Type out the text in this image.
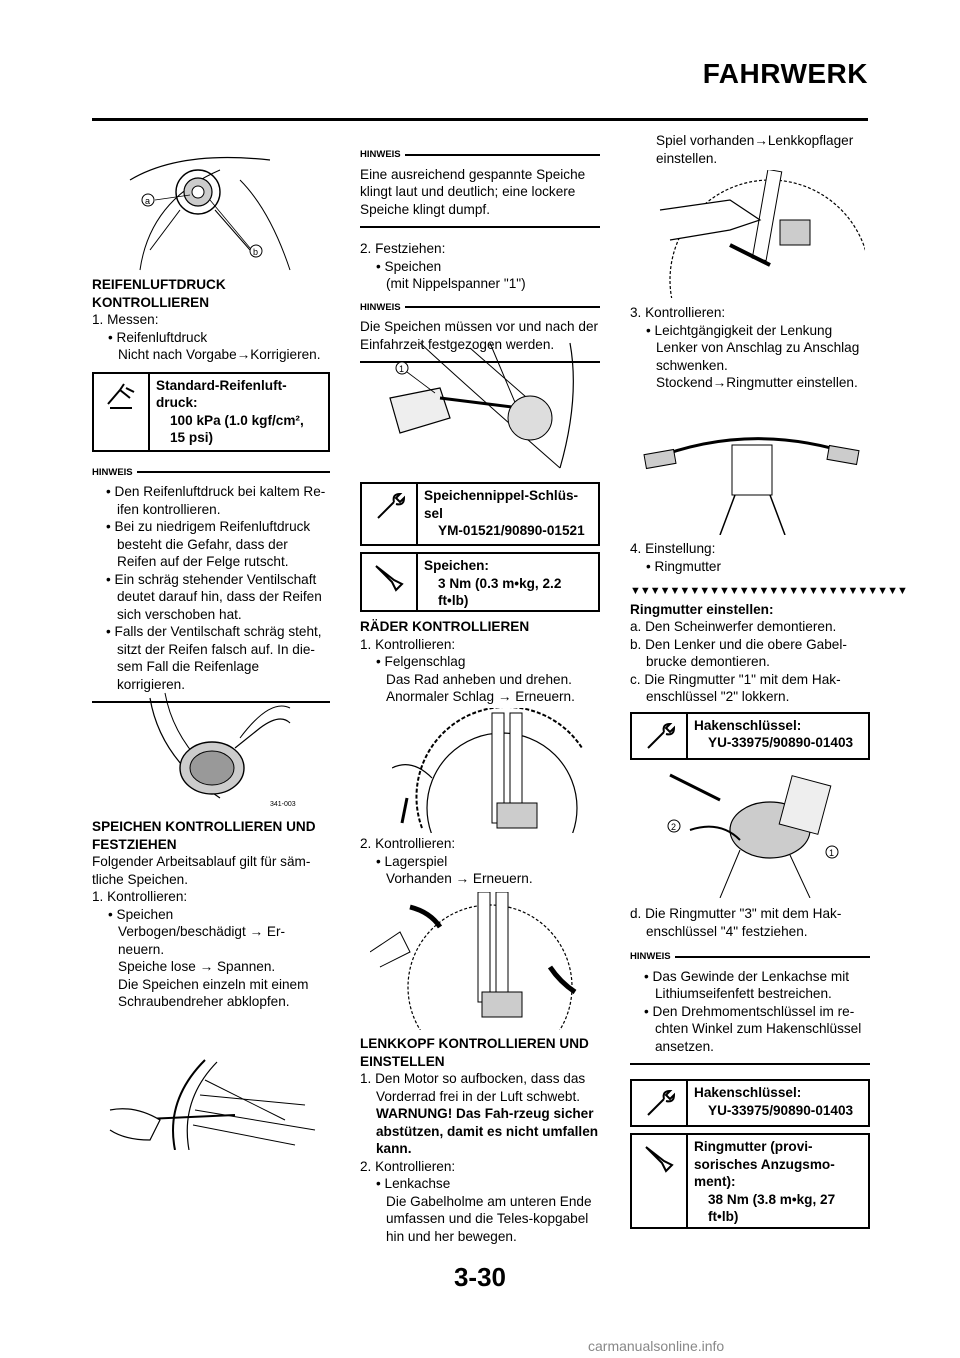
FAHRWERK
a
b
REIFENLUFTDRUCK KONTROLLIEREN
1. Messen:
• Reifenluftdruck
Nicht nach Vorgabe→Korrigieren.
Standard-Reifenluft-druck:
100 kPa (1.0 kgf/cm², 15 psi)
HINWEIS
• Den Reifenluftdruck bei kaltem Re-ifen kontrollieren.
• Bei zu niedrigem Reifenluftdruck besteht die Gefahr, dass der Reifen auf der Felge rutscht.
• Ein schräg stehender Ventilschaft deutet darauf hin, dass der Reifen sich verschoben hat.
• Falls der Ventilschaft schräg steht, sitzt der Reifen falsch auf. In die-sem Fall die Reifenlage korrigieren.
341-003
SPEICHEN KONTROLLIEREN UND FESTZIEHEN
Folgender Arbeitsablauf gilt für säm-tliche Speichen.
1. Kontrollieren:
• Speichen
Verbogen/beschädigt → Er-neuern.
Speiche lose → Spannen.
Die Speichen einzeln mit einem Schraubendreher abklopfen.
HINWEIS
Eine ausreichend gespannte Speiche klingt laut und deutlich; eine lockere Speiche klingt dumpf.
2. Festziehen:
• Speichen
(mit Nippelspanner "1")
HINWEIS
Die Speichen müssen vor und nach der Einfahrzeit festgezogen werden.
1
Speichennippel-Schlüs-sel
YM-01521/90890-01521
Speichen:
3 Nm (0.3 m•kg, 2.2 ft•lb)
RÄDER KONTROLLIEREN
1. Kontrollieren:
• Felgenschlag
Das Rad anheben und drehen.
Anormaler Schlag → Erneuern.
2. Kontrollieren:
• Lagerspiel
Vorhanden → Erneuern.
LENKKOPF KONTROLLIEREN UND EINSTELLEN
1. Den Motor so aufbocken, dass das Vorderrad frei in der Luft schwebt. WARNUNG! Das Fah-rzeug sicher abstützen, damit es nicht umfallen kann.
2. Kontrollieren:
• Lenkachse
Die Gabelholme am unteren Ende umfassen und die Teles-kopgabel hin und her bewegen.
Spiel vorhanden→Lenkkopflager einstellen.
3. Kontrollieren:
• Leichtgängigkeit der Lenkung
Lenker von Anschlag zu Anschlag schwenken.
Stockend→Ringmutter einstellen.
4. Einstellung:
• Ringmutter
▼▼▼▼▼▼▼▼▼▼▼▼▼▼▼▼▼▼▼▼▼▼▼▼▼▼▼▼
Ringmutter einstellen:
a. Den Scheinwerfer demontieren.
b. Den Lenker und die obere Gabel-brucke demontieren.
c. Die Ringmutter "1" mit dem Hak-enschlüssel "2" lokkern.
Hakenschlüssel:
YU-33975/90890-01403
2
1
d. Die Ringmutter "3" mit dem Hak-enschlüssel "4" festziehen.
HINWEIS
• Das Gewinde der Lenkachse mit Lithiumseifenfett bestreichen.
• Den Drehmomentschlüssel im re-chten Winkel zum Hakenschlüssel ansetzen.
Hakenschlüssel:
YU-33975/90890-01403
Ringmutter (provi-sorisches Anzugsmo-ment):
38 Nm (3.8 m•kg, 27 ft•lb)
3-30
carmanualsonline.info
